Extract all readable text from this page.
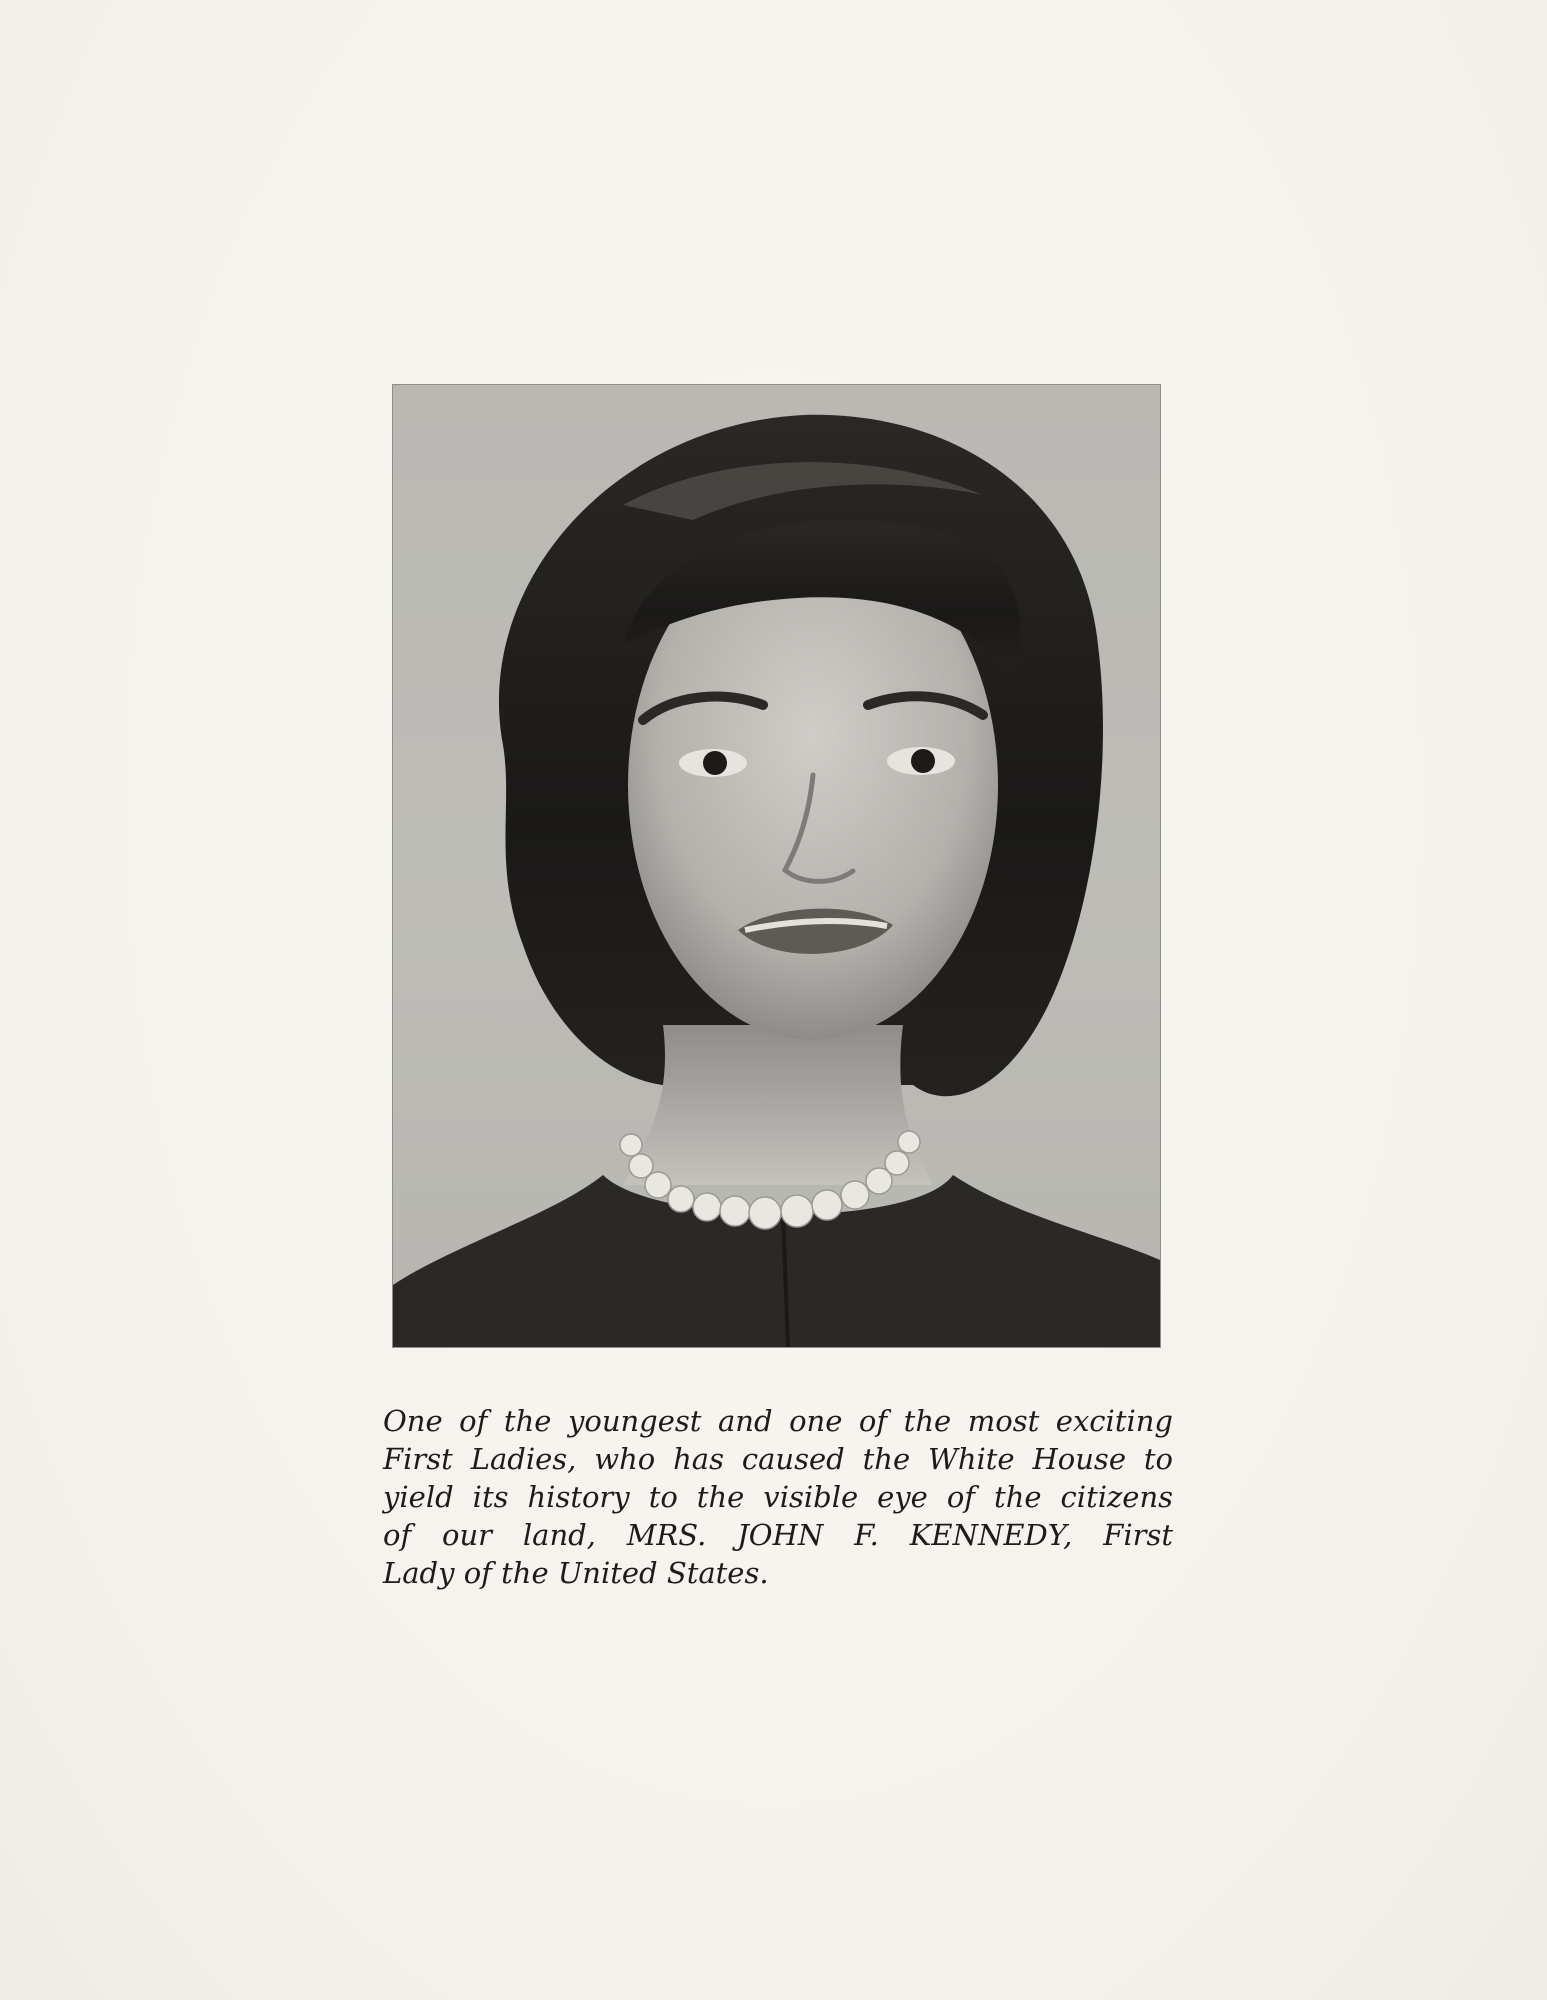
One of the youngest and one of the most exciting
First Ladies, who has caused the White House to
yield its history to the visible eye of the citizens
of our land, MRS. JOHN F. KENNEDY, First
Lady of the United States.
